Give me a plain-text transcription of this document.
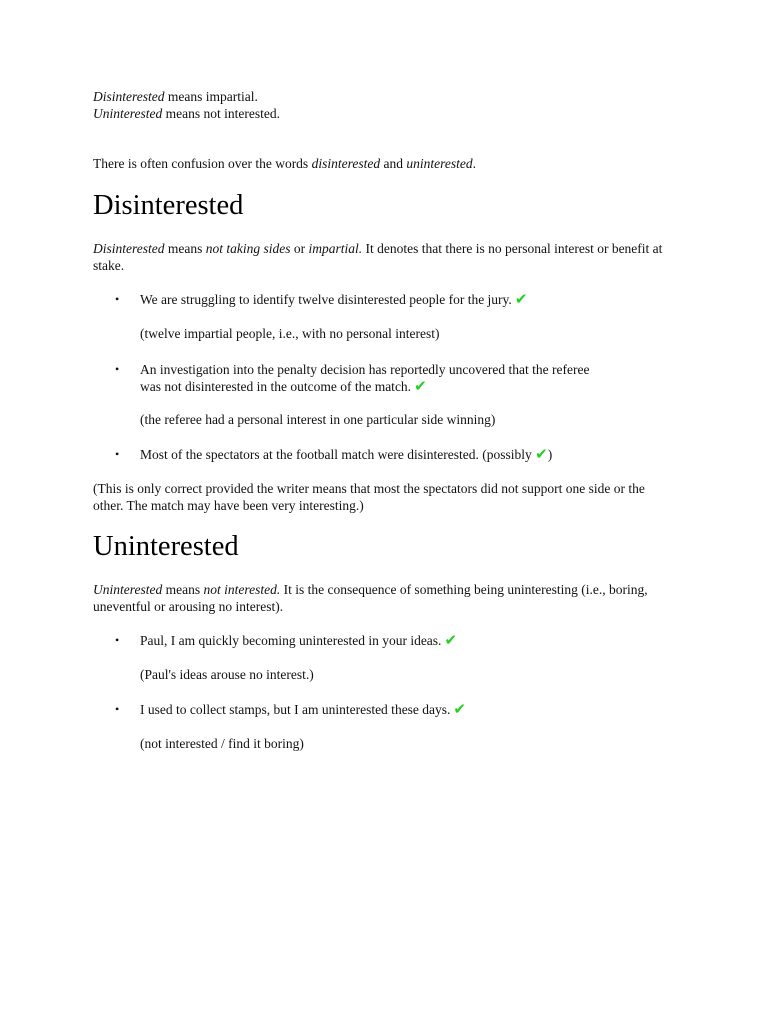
Disinterested means impartial.
Uninterested means not interested.
There is often confusion over the words disinterested and uninterested.
Disinterested
Disinterested means not taking sides or impartial. It denotes that there is no personal interest or benefit at stake.
• We are struggling to identify twelve disinterested people for the jury. ✔
(twelve impartial people, i.e., with no personal interest)
• An investigation into the penalty decision has reportedly uncovered that the referee
was not disinterested in the outcome of the match. ✔
(the referee had a personal interest in one particular side winning)
• Most of the spectators at the football match were disinterested. (possibly ✔)
(This is only correct provided the writer means that most the spectators did not support one side or the other. The match may have been very interesting.)
Uninterested
Uninterested means not interested. It is the consequence of something being uninteresting (i.e., boring, uneventful or arousing no interest).
• Paul, I am quickly becoming uninterested in your ideas. ✔
(Paul's ideas arouse no interest.)
• I used to collect stamps, but I am uninterested these days. ✔
(not interested / find it boring)
